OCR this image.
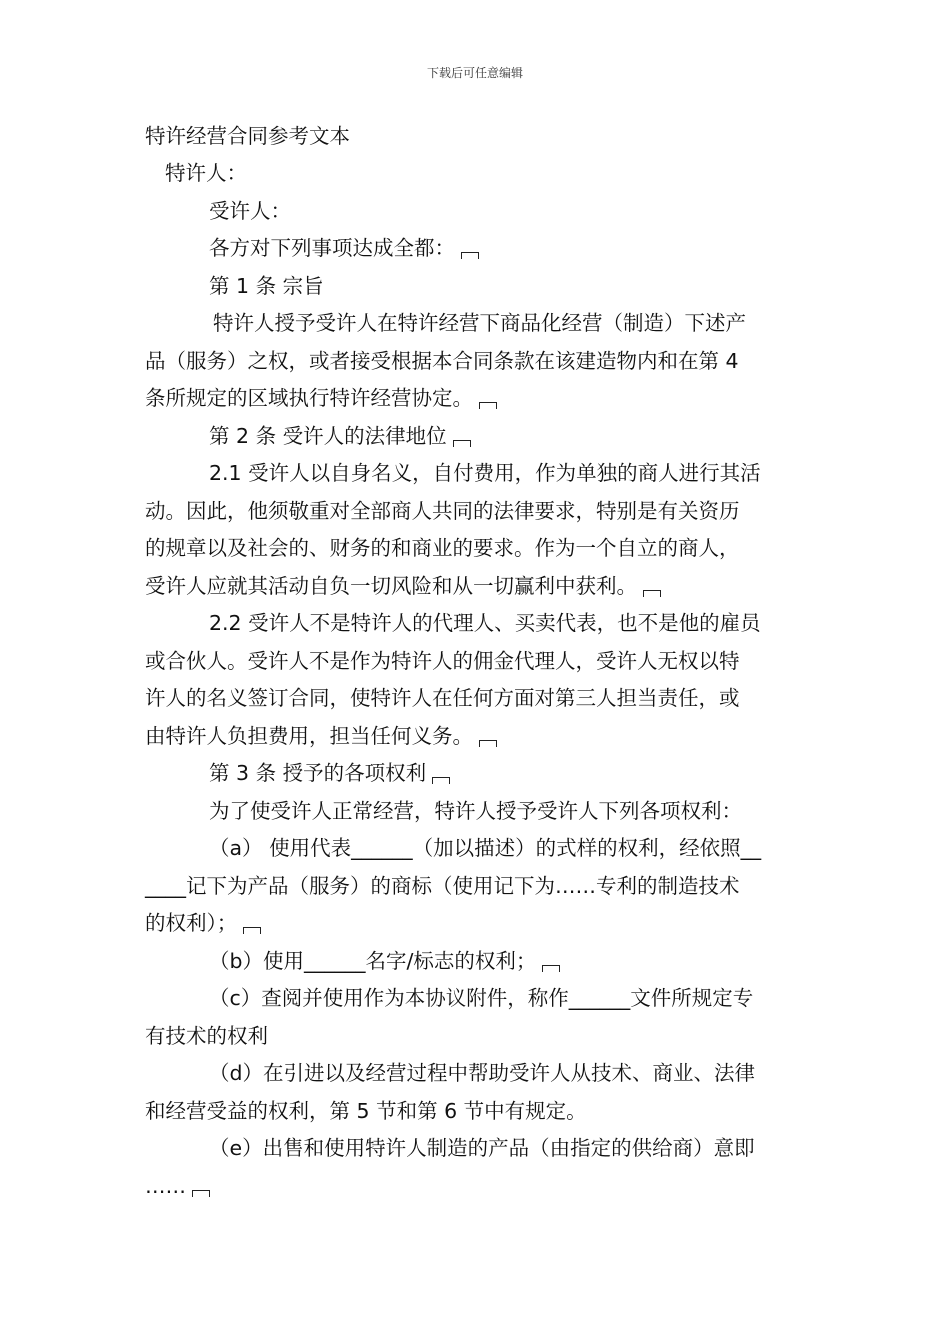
下载后可任意编辑
特许经营合同参考文本
特许人：
受许人：
各方对下列事项达成全都：
第 1 条 宗旨
特许人授予受许人在特许经营下商品化经营（制造）下述产
品（服务）之权，或者接受根据本合同条款在该建造物内和在第 4
条所规定的区域执行特许经营协定。
第 2 条 受许人的法律地位
2.1 受许人以自身名义，自付费用，作为单独的商人进行其活
动。因此，他须敬重对全部商人共同的法律要求，特别是有关资历
的规章以及社会的、财务的和商业的要求。作为一个自立的商人，
受许人应就其活动自负一切风险和从一切赢利中获利。
2.2 受许人不是特许人的代理人、买卖代表，也不是他的雇员
或合伙人。受许人不是作为特许人的佣金代理人，受许人无权以特
许人的名义签订合同，使特许人在任何方面对第三人担当责任，或
由特许人负担费用，担当任何义务。
第 3 条 授予的各项权利
为了使受许人正常经营，特许人授予受许人下列各项权利：
（a） 使用代表______（加以描述）的式样的权利，经依照__
____记下为产品（服务）的商标（使用记下为……专利的制造技术
的权利）；
（b）使用______名字/标志的权利；
（c）查阅并使用作为本协议附件，称作______文件所规定专
有技术的权利
（d）在引进以及经营过程中帮助受许人从技术、商业、法律
和经营受益的权利，第 5 节和第 6 节中有规定。
（e）出售和使用特许人制造的产品（由指定的供给商）意即
……
